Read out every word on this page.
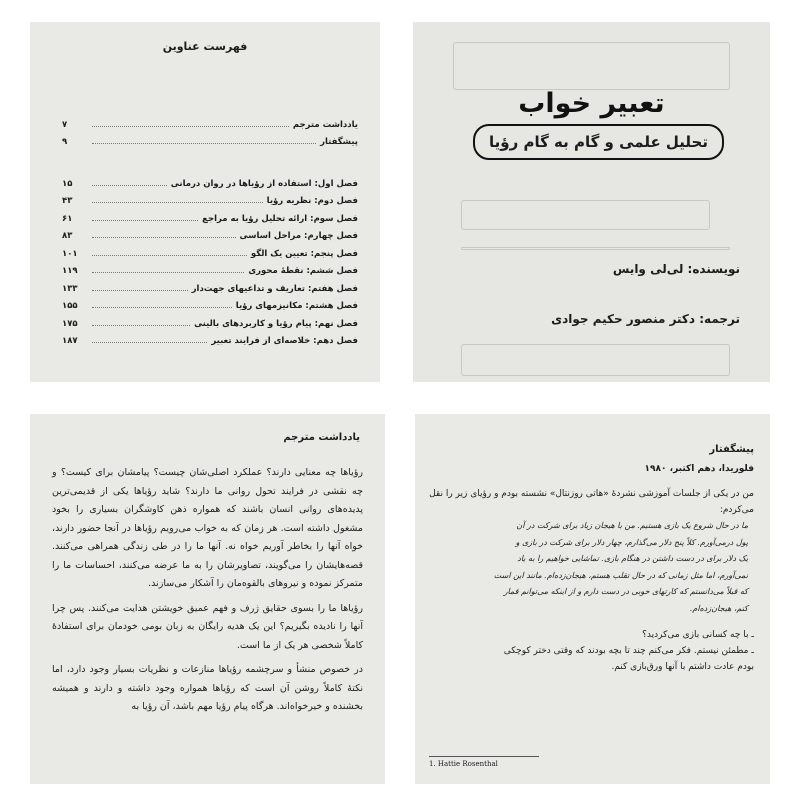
فهرست عناوین
یادداشت مترجم
۷
پیشگفتار
۹
فصل اول: استفاده از رؤیاها در روان درمانی
۱۵
فصل دوم: نظریه رؤیا
۴۳
فصل سوم: ارائه تحلیل رؤیا به مراجع
۶۱
فصل چهارم: مراحل اساسی
۸۳
فصل پنجم: تعیین یک الگو
۱۰۱
فصل ششم: نقطهٔ محوری
۱۱۹
فصل هفتم: تعاریف و تداعیهای جهت‌دار
۱۳۳
فصل هشتم: مکانیزمهای رؤیا
۱۵۵
فصل نهم: پیام رؤیا و کاربردهای بالینی
۱۷۵
فصل دهم: خلاصه‌ای از فرایند تعبیر
۱۸۷
تعبیر خواب
تحلیل علمی و گام به گام رؤیا
نویسنده: لی‌لی وایس
ترجمه: دکتر منصور حکیم جوادی
یادداشت مترجم

رؤیاها چه معنایی دارند؟ عملکرد اصلی‌شان چیست؟ پیامشان برای کیست؟ و چه نقشی در فرایند تحول روانی ما دارند؟ شاید رؤیاها یکی از قدیمی‌ترین پدیده‌های روانی انسان باشند که همواره ذهن کاوشگران بسیاری را بخود مشغول داشته است. هر زمان که به خواب می‌رویم رؤیاها در آنجا حضور دارند، خواه آنها را بخاطر آوریم خواه نه. آنها ما را در طی زندگی همراهی می‌کنند. قصه‌هایشان را می‌گویند، تصاویرشان را به ما عرضه می‌کنند، احساسات ما را متمرکز نموده و نیروهای بالقوه‌مان را آشکار می‌سازند.

رؤیاها ما را بسوی حقایق ژرف و فهم عمیق خویشتن هدایت می‌کنند. پس چرا آنها را نادیده بگیریم؟ این یک هدیه رایگان به زبان بومی خودمان برای استفادهٔ کاملاً شخصی هر یک از ما است.

در خصوص منشأ و سرچشمه رؤیاها منازعات و نظریات بسیار وجود دارد، اما نکتهٔ کاملاً روشن آن است که رؤیاها همواره وجود داشته و دارند و همیشه بخشنده و خیرخواه‌اند. هرگاه پیام رؤیا مهم باشد، آن رؤیا به

پیشگفتار
فلوریدا، دهم اکتبر، ۱۹۸۰

من در یکی از جلسات آموزشی نشردهٔ «هاتی روزنتال» نشسته بودم و رؤیای زیر را نقل می‌کردم:

ما در حال شروع یک بازی هستیم. من با هیجان زیاد برای شرکت در آن

پول درمی‌آورم. کلاً پنج دلار می‌گذارم، چهار دلار برای شرکت در بازی و

یک دلار برای در دست داشتن در هنگام بازی. تماشایی خواهیم را به یاد

نمی‌آورم، اما مثل زمانی که در حال تقلب هستم، هیجان‌زده‌ام. مانند این است

که قبلاً می‌دانستم که کارتهای خوبی در دست دارم و از اینکه می‌توانم قمار

کنم، هیجان‌زده‌ام.

ـ با چه کسانی بازی می‌کردید؟

ـ مطمئن نیستم. فکر می‌کنم چند تا بچه بودند که وقتی دختر کوچکی

بودم عادت داشتم با آنها ورق‌بازی کنم.

1. Hattie Rosenthal
